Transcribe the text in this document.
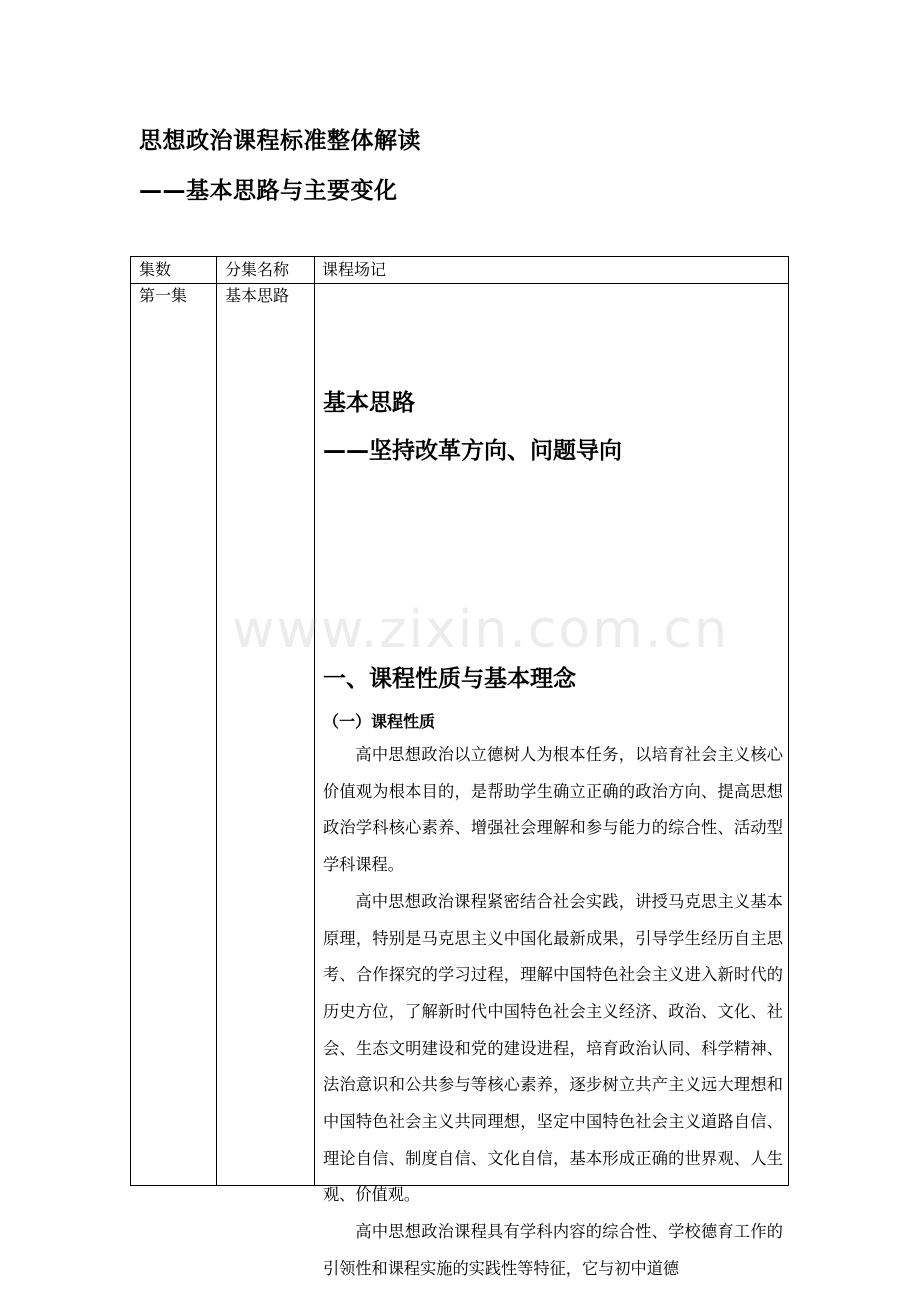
思想政治课程标准整体解读
——基本思路与主要变化
集数	分集名称 课程场记
第一集 基本思路
基本思路
——坚持改革方向、问题导向
一、课程性质与基本理念
（一）课程性质

高中思想政治以立德树人为根本任务，以培育社会主义核心价值观为根本目的，是帮助学生确立正确的政治方向、提高思想政治学科核心素养、增强社会理解和参与能力的综合性、活动型学科课程。

高中思想政治课程紧密结合社会实践，讲授马克思主义基本原理，特别是马克思主义中国化最新成果，引导学生经历自主思考、合作探究的学习过程，理解中国特色社会主义进入新时代的历史方位，了解新时代中国特色社会主义经济、政治、文化、社会、生态文明建设和党的建设进程，培育政治认同、科学精神、法治意识和公共参与等核心素养，逐步树立共产主义远大理想和中国特色社会主义共同理想，坚定中国特色社会主义道路自信、理论自信、制度自信、文化自信，基本形成正确的世界观、人生观、价值观。

高中思想政治课程具有学科内容的综合性、学校德育工作的引领性和课程实施的实践性等特征，它与初中道德

www.zixin.com.cn
